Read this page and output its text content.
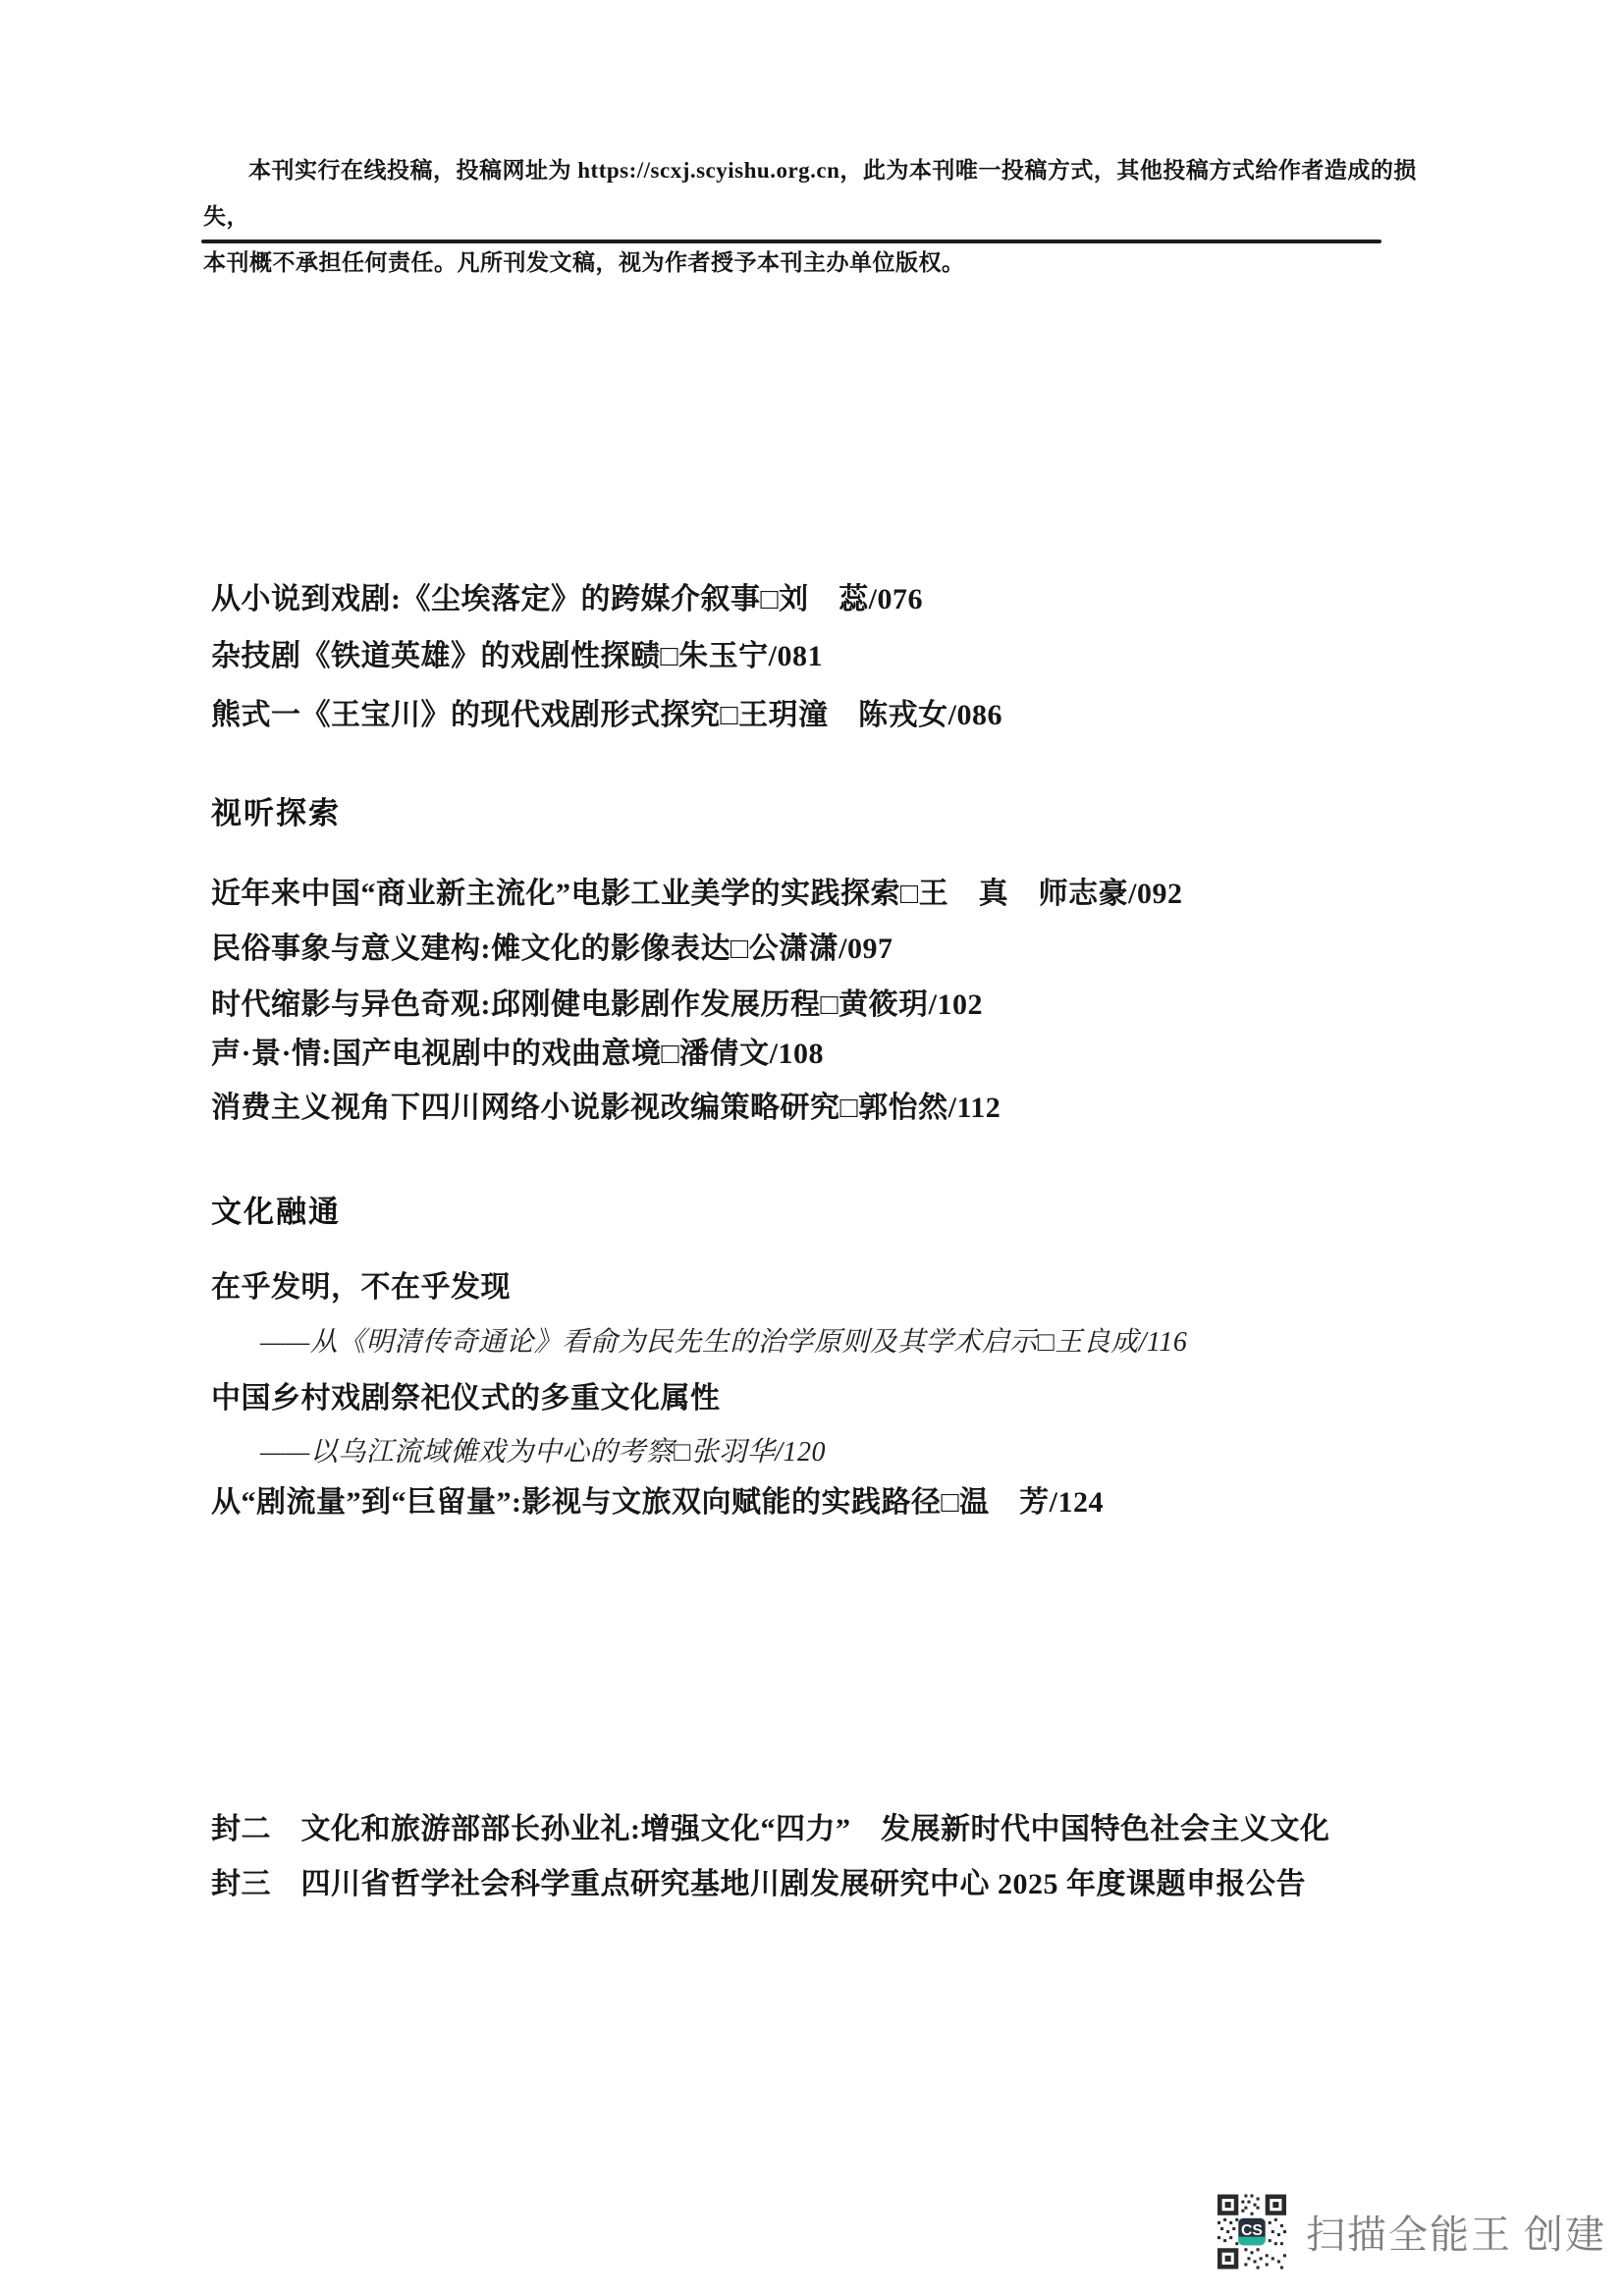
本刊实行在线投稿，投稿网址为 https://scxj.scyishu.org.cn，此为本刊唯一投稿方式，其他投稿方式给作者造成的损失，
本刊概不承担任何责任。凡所刊发文稿，视为作者授予本刊主办单位版权。
从小说到戏剧:《尘埃落定》的跨媒介叙事□刘　蕊/076
杂技剧《铁道英雄》的戏剧性探赜□朱玉宁/081
熊式一《王宝川》的现代戏剧形式探究□王玥潼　陈戎女/086
视听探索
近年来中国“商业新主流化”电影工业美学的实践探索□王　真　师志豪/092
民俗事象与意义建构:傩文化的影像表达□公潇潇/097
时代缩影与异色奇观:邱刚健电影剧作发展历程□黄筱玥/102
声·景·情:国产电视剧中的戏曲意境□潘倩文/108
消费主义视角下四川网络小说影视改编策略研究□郭怡然/112
文化融通
在乎发明，不在乎发现
——从《明清传奇通论》看俞为民先生的治学原则及其学术启示□王良成/116
中国乡村戏剧祭祀仪式的多重文化属性
——以乌江流域傩戏为中心的考察□张羽华/120
从“剧流量”到“巨留量”:影视与文旅双向赋能的实践路径□温　芳/124
封二　文化和旅游部部长孙业礼:增强文化“四力”　发展新时代中国特色社会主义文化
封三　四川省哲学社会科学重点研究基地川剧发展研究中心 2025 年度课题申报公告
CS 扫描全能王 创建
